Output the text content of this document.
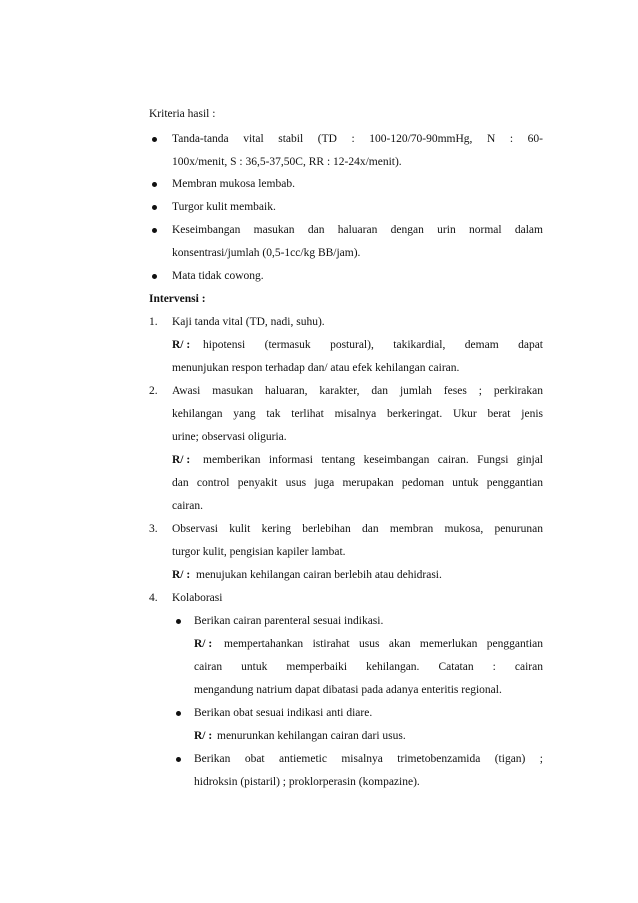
Kriteria hasil :
Tanda-tanda vital stabil (TD : 100-120/70-90mmHg, N : 60-
100x/menit, S : 36,5-37,50C, RR : 12-24x/menit).
Membran mukosa lembab.
Turgor kulit membaik.
Keseimbangan masukan dan haluaran dengan urin normal dalam
konsentrasi/jumlah (0,5-1cc/kg BB/jam).
Mata tidak cowong.
Intervensi :
1. Kaji tanda vital (TD, nadi, suhu).
R/ : hipotensi (termasuk postural), takikardial, demam dapat
menunjukan respon terhadap dan/ atau efek kehilangan cairan.
2. Awasi masukan haluaran, karakter, dan jumlah feses ; perkirakan
kehilangan yang tak terlihat misalnya berkeringat. Ukur berat jenis
urine; observasi oliguria.
R/ : memberikan informasi tentang keseimbangan cairan. Fungsi ginjal
dan control penyakit usus juga merupakan pedoman untuk penggantian
cairan.
3. Observasi kulit kering berlebihan dan membran mukosa, penurunan
turgor kulit, pengisian kapiler lambat.
R/ : menujukan kehilangan cairan berlebih atau dehidrasi.
4. Kolaborasi
Berikan cairan parenteral sesuai indikasi.
R/ : mempertahankan istirahat usus akan memerlukan penggantian
cairan untuk memperbaiki kehilangan. Catatan : cairan
mengandung natrium dapat dibatasi pada adanya enteritis regional.
Berikan obat sesuai indikasi anti diare.
R/ : menurunkan kehilangan cairan dari usus.
Berikan obat antiemetic misalnya trimetobenzamida (tigan) ;
hidroksin (pistaril) ; proklorperasin (kompazine).
